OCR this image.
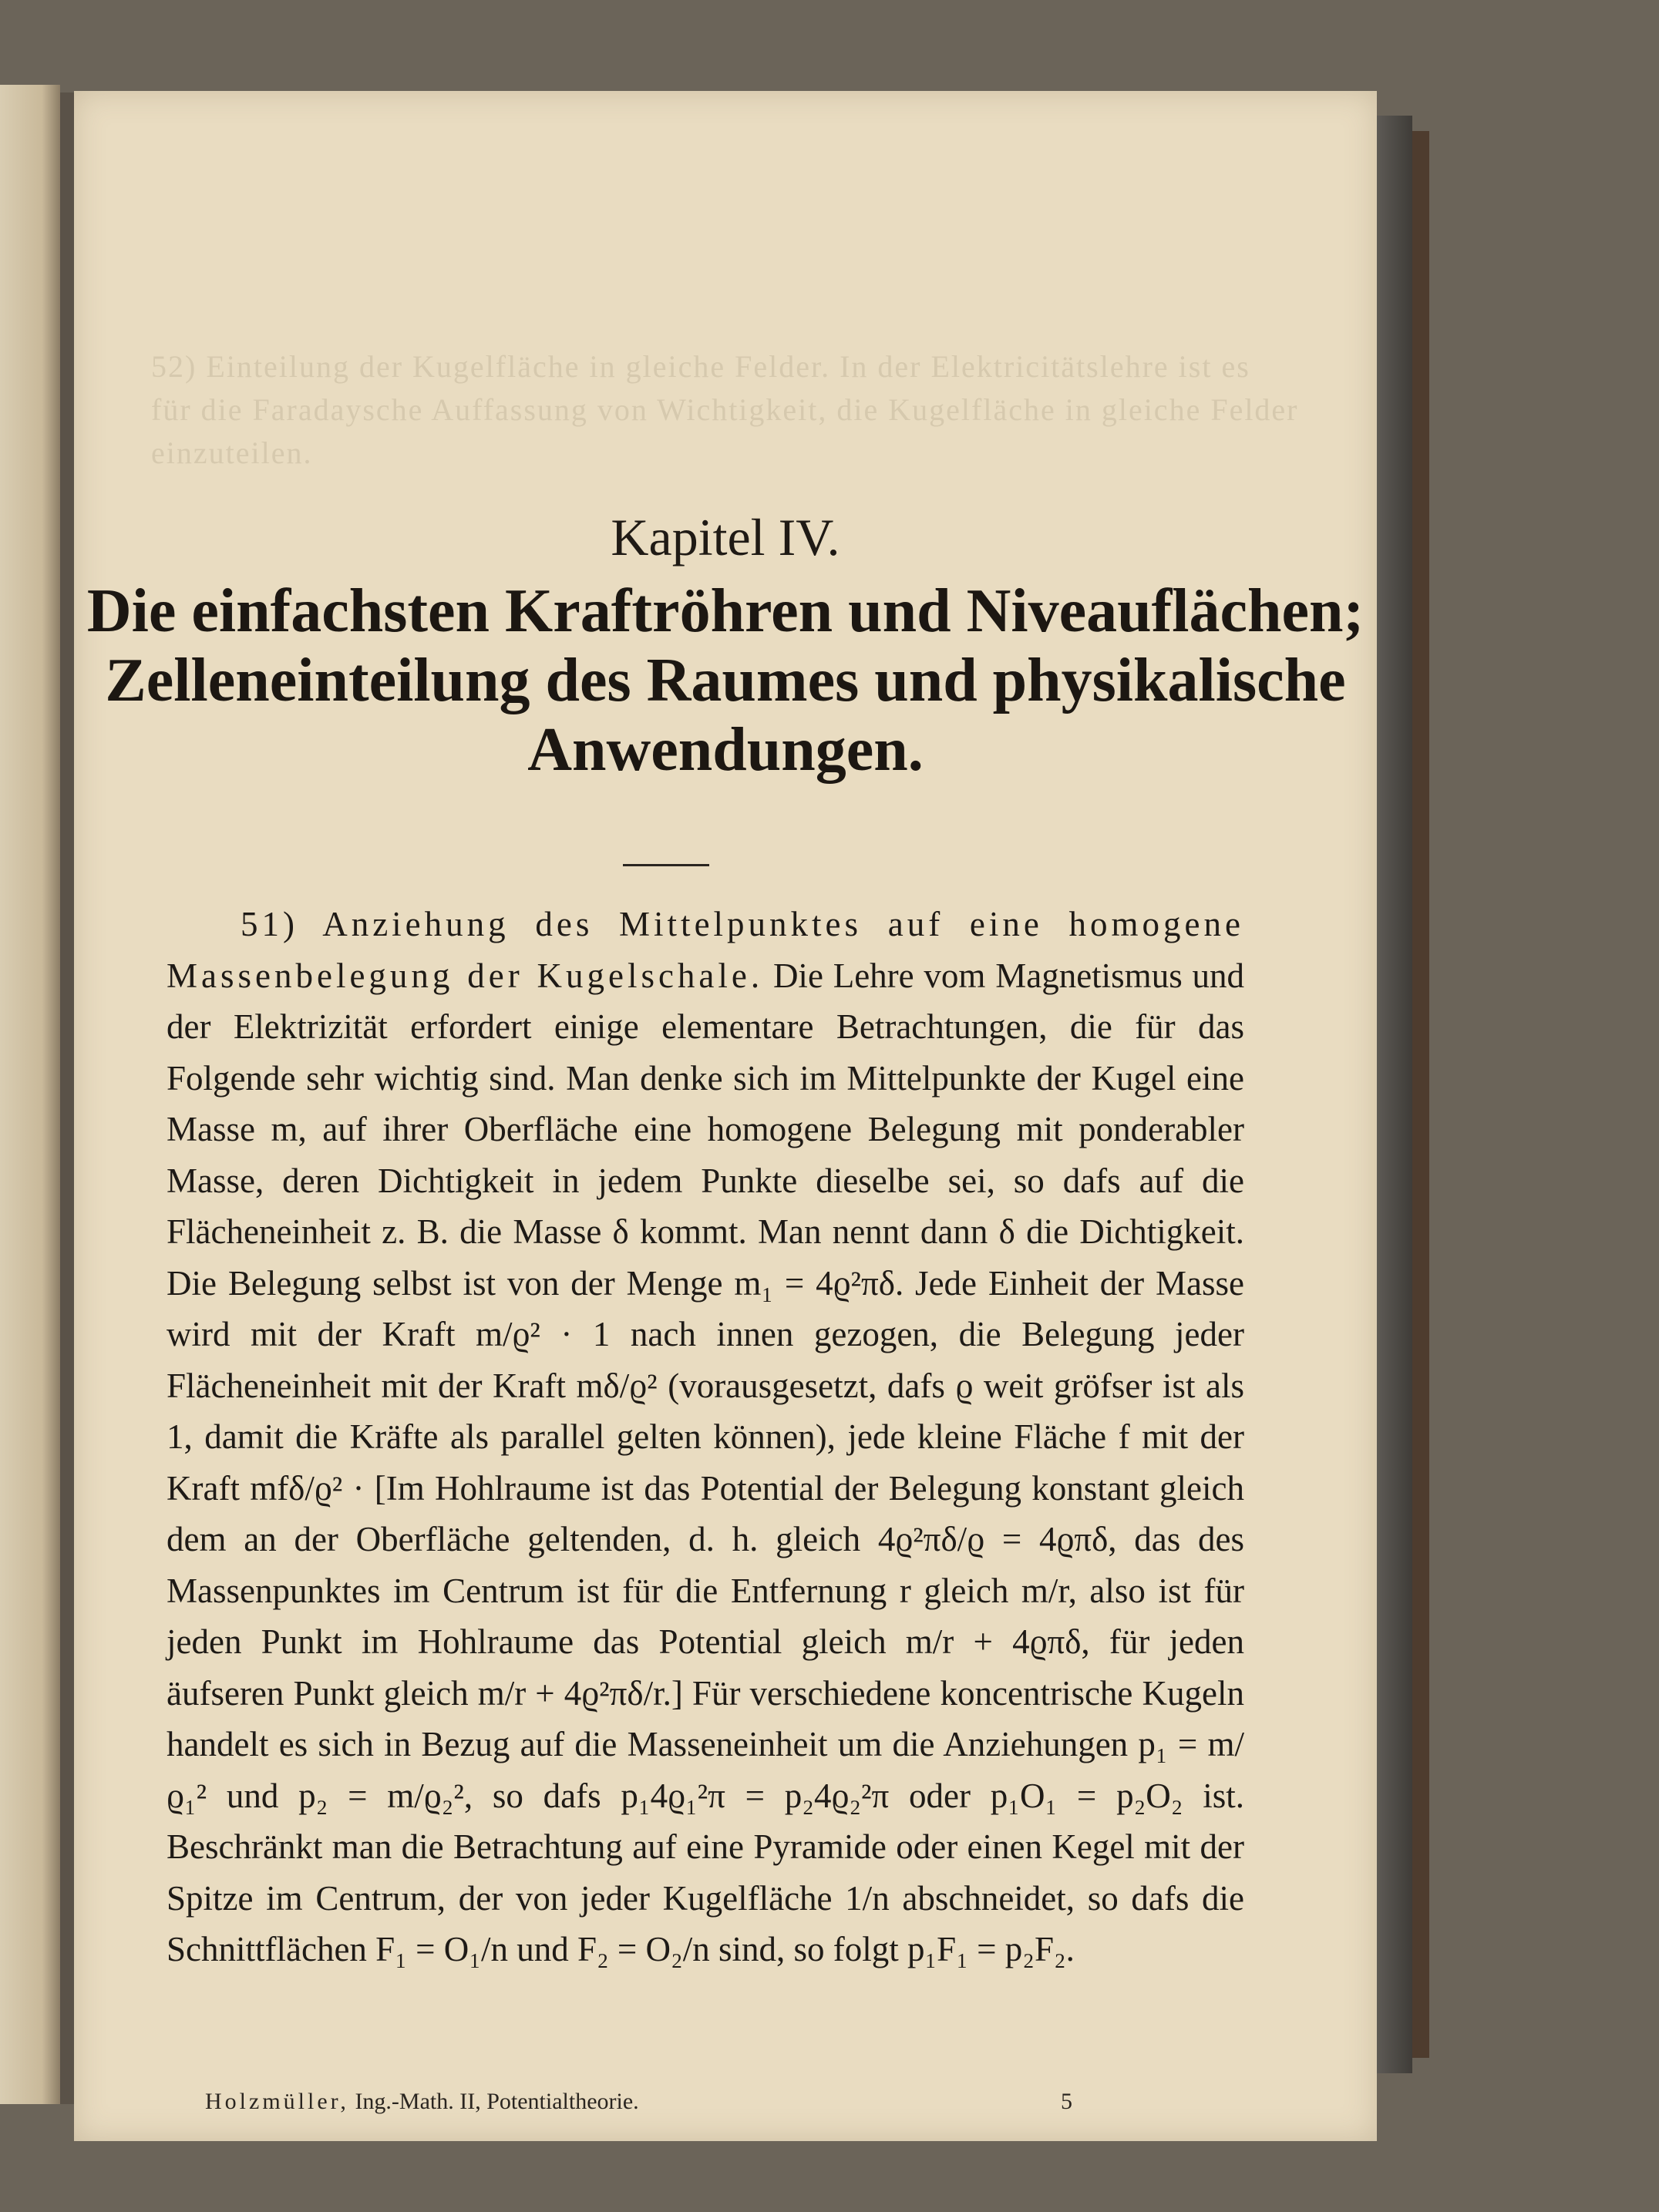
52) Einteilung der Kugelfläche in gleiche Felder. In der Elektricitätslehre ist es für die Faradaysche Auffassung von Wichtigkeit, die Kugelfläche in gleiche Felder einzuteilen.
Kapitel IV.
Die einfachsten Kraftröhren und Niveauflächen;
Zelleneinteilung des Raumes und physikalische
Anwendungen.

51) Anziehung des Mittelpunktes auf eine homogene Massenbelegung der Kugelschale. Die Lehre vom Magnetismus und der Elektrizität erfordert einige elementare Betrachtungen, die für das Folgende sehr wichtig sind. Man denke sich im Mittelpunkte der Kugel eine Masse m, auf ihrer Oberfläche eine homogene Belegung mit ponderabler Masse, deren Dichtigkeit in jedem Punkte dieselbe sei, so dafs auf die Flächeneinheit z. B. die Masse δ kommt. Man nennt dann δ die Dichtigkeit. Die Belegung selbst ist von der Menge m₁ = 4ϱ²πδ. Jede Einheit der Masse wird mit der Kraft m/ϱ² · 1 nach innen gezogen, die Belegung jeder Flächeneinheit mit der Kraft mδ/ϱ² (vorausgesetzt, dafs ϱ weit gröfser ist als 1, damit die Kräfte als parallel gelten können), jede kleine Fläche f mit der Kraft mfδ/ϱ² · [Im Hohlraume ist das Potential der Belegung konstant gleich dem an der Oberfläche geltenden, d. h. gleich 4ϱ²πδ/ϱ = 4ϱπδ, das des Massenpunktes im Centrum ist für die Entfernung r gleich m/r, also ist für jeden Punkt im Hohlraume das Potential gleich m/r + 4ϱπδ, für jeden äufseren Punkt gleich m/r + 4ϱ²πδ/r.] Für verschiedene koncentrische Kugeln handelt es sich in Bezug auf die Masseneinheit um die Anziehungen p₁ = m/ϱ₁² und p₂ = m/ϱ₂², so dafs p₁4ϱ₁²π = p₂4ϱ₂²π oder p₁O₁ = p₂O₂ ist. Beschränkt man die Betrachtung auf eine Pyramide oder einen Kegel mit der Spitze im Centrum, der von jeder Kugelfläche 1/n abschneidet, so dafs die Schnittflächen F₁ = O₁/n und F₂ = O₂/n sind, so folgt p₁F₁ = p₂F₂.

Holzmüller, Ing.-Math. II, Potentialtheorie.	5
